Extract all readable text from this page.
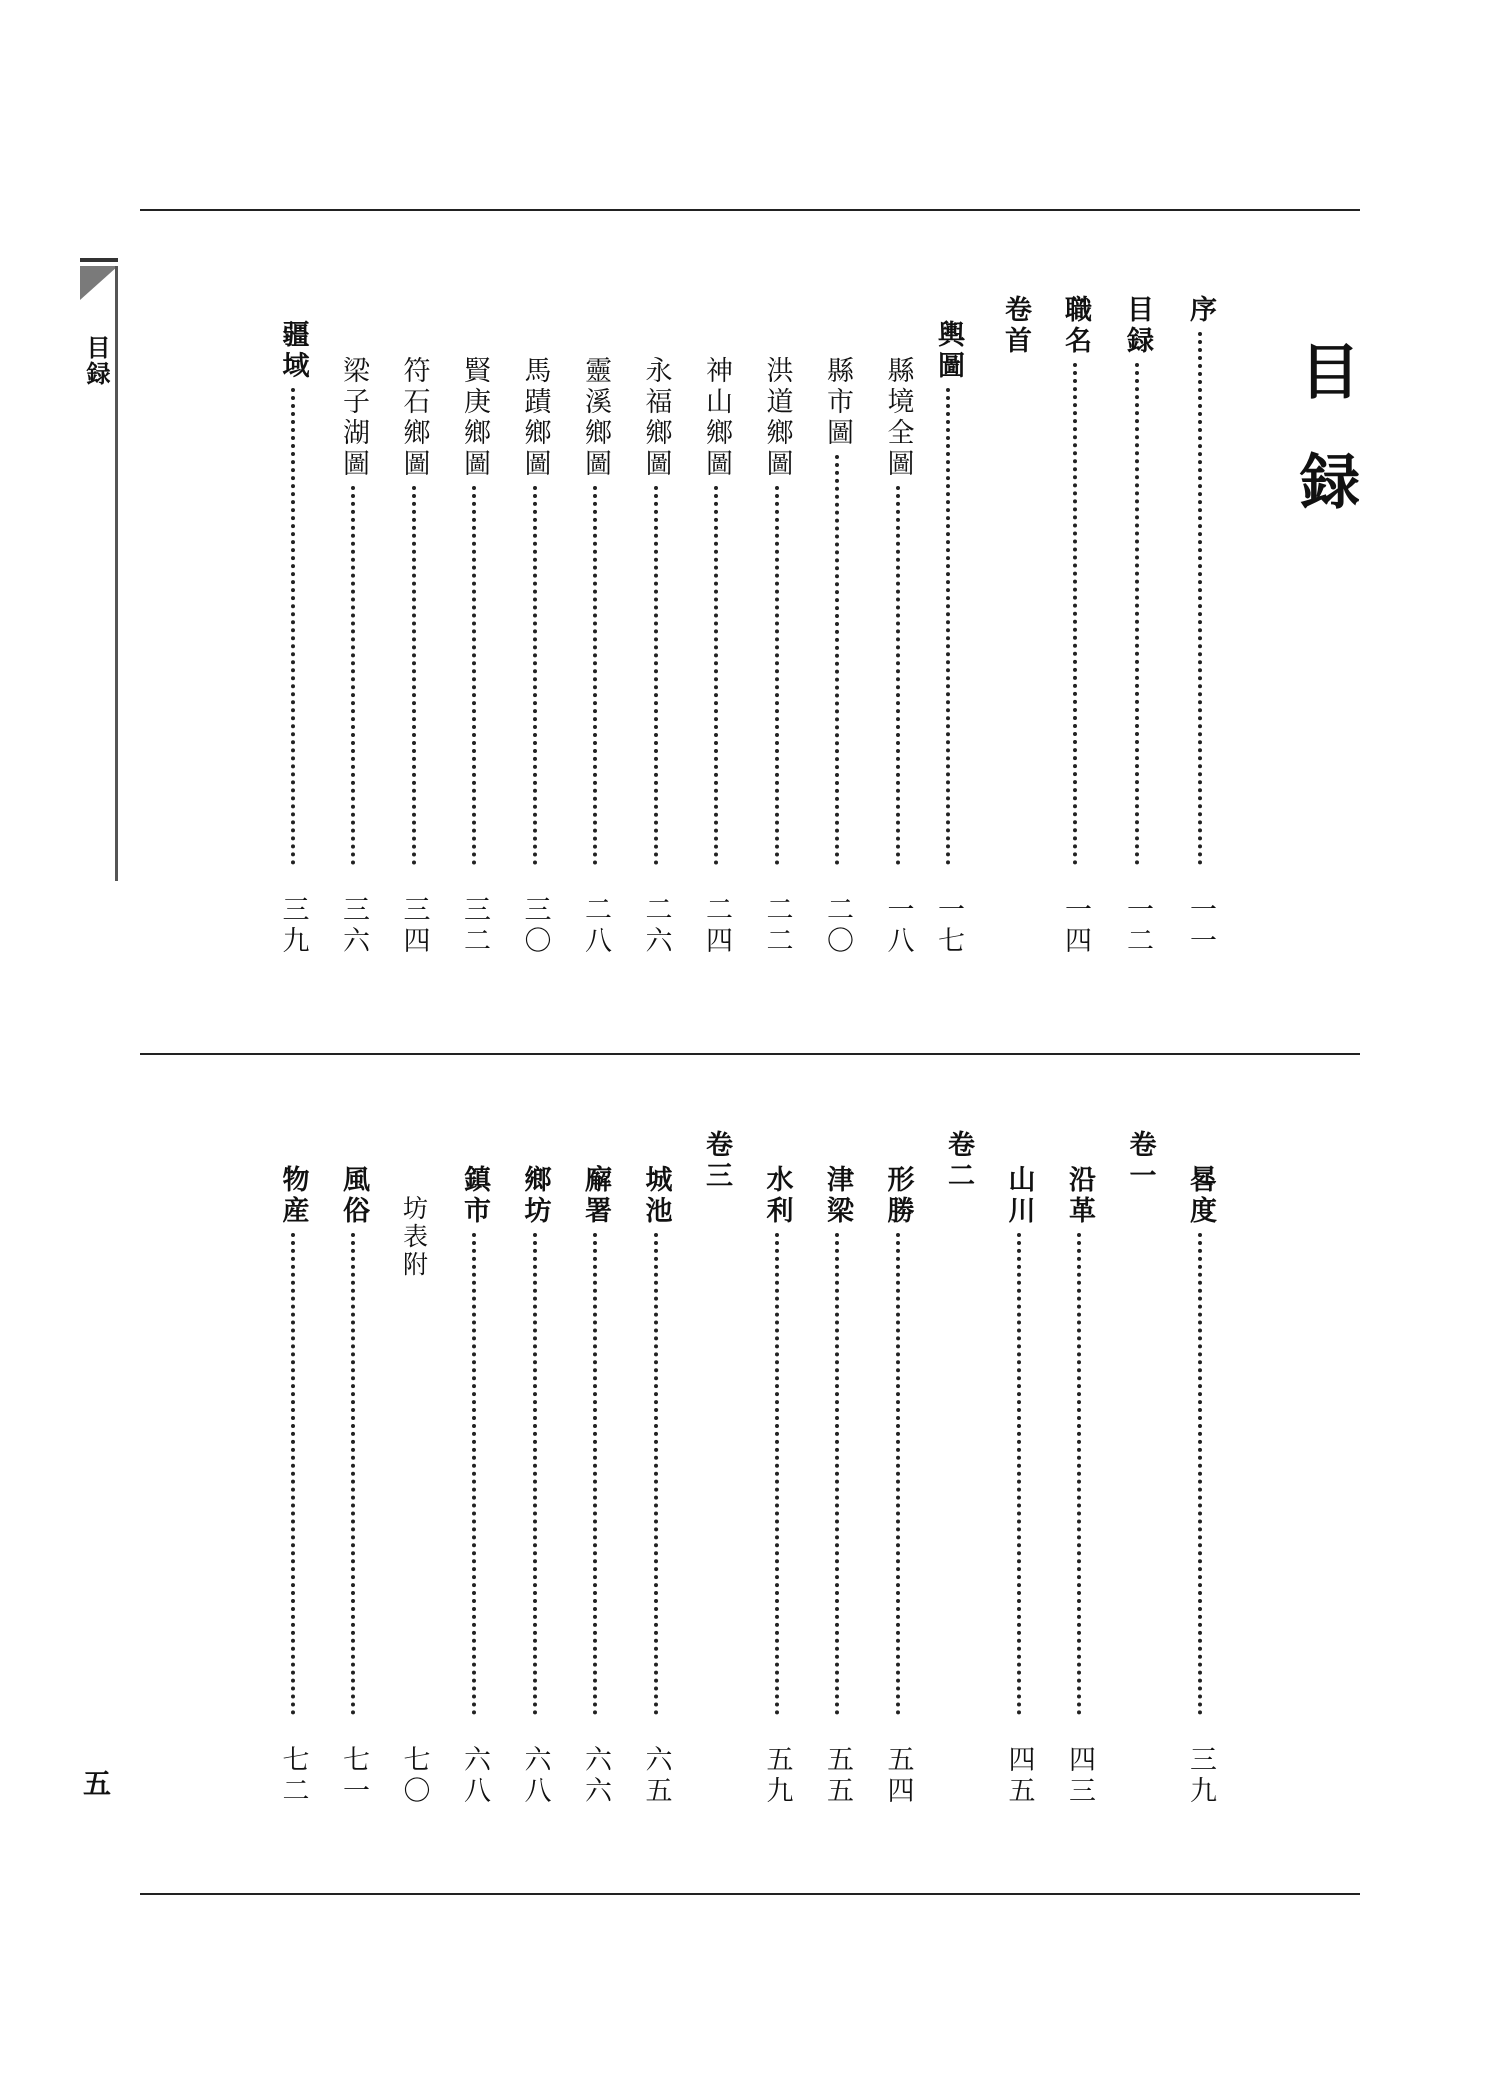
目録
五
目録
序
一一
目録
一二
職名
一四
卷首
輿圖
一七
縣境全圖
一八
縣市圖
二〇
洪道鄉圖
二二
神山鄉圖
二四
永福鄉圖
二六
靈溪鄉圖
二八
馬蹟鄉圖
三〇
賢庚鄉圖
三二
符石鄉圖
三四
梁子湖圖
三六
疆域
三九
晷度
三九
卷一
沿革
四三
山川
四五
卷二
形勝
五四
津梁
五五
水利
五九
卷三
城池
六五
廨署
六六
鄉坊
六八
鎮市
六八
坊表附
七〇
風俗
七一
物産
七二
